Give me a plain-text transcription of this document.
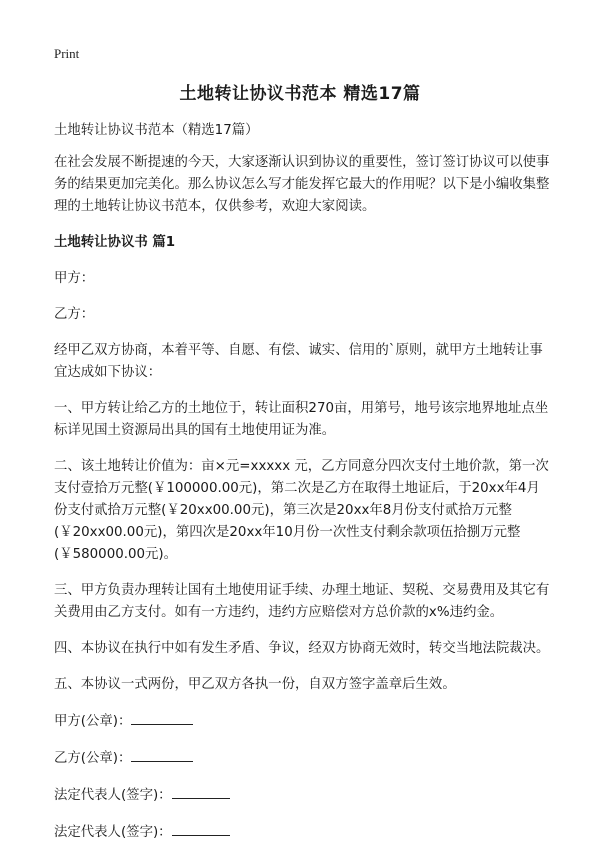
Print
土地转让协议书范本 精选17篇

土地转让协议书范本（精选17篇）

在社会发展不断提速的今天，大家逐渐认识到协议的重要性，签订签订协议可以使事务的结果更加完美化。那么协议怎么写才能发挥它最大的作用呢？以下是小编收集整理的土地转让协议书范本，仅供参考，欢迎大家阅读。

土地转让协议书 篇1

甲方：

乙方：

经甲乙双方协商，本着平等、自愿、有偿、诚实、信用的`原则，就甲方土地转让事宜达成如下协议：

一、甲方转让给乙方的土地位于，转让面积270亩，用第号，地号该宗地界地址点坐标详见国土资源局出具的国有土地使用证为准。

二、该土地转让价值为：亩×元=xxxxx 元，乙方同意分四次支付土地价款，第一次支付壹拾万元整(￥100000.00元)，第二次是乙方在取得土地证后，于20xx年4月份支付贰拾万元整(￥20xx00.00元)，第三次是20xx年8月份支付贰拾万元整(￥20xx00.00元)，第四次是20xx年10月份一次性支付剩余款项伍拾捌万元整(￥580000.00元)。

三、甲方负责办理转让国有土地使用证手续、办理土地证、契税、交易费用及其它有关费用由乙方支付。如有一方违约，违约方应赔偿对方总价款的x%违约金。

四、本协议在执行中如有发生矛盾、争议，经双方协商无效时，转交当地法院裁决。

五、本协议一式两份，甲乙双方各执一份，自双方签字盖章后生效。

甲方(公章)：

乙方(公章)：

法定代表人(签字)：

法定代表人(签字)：
